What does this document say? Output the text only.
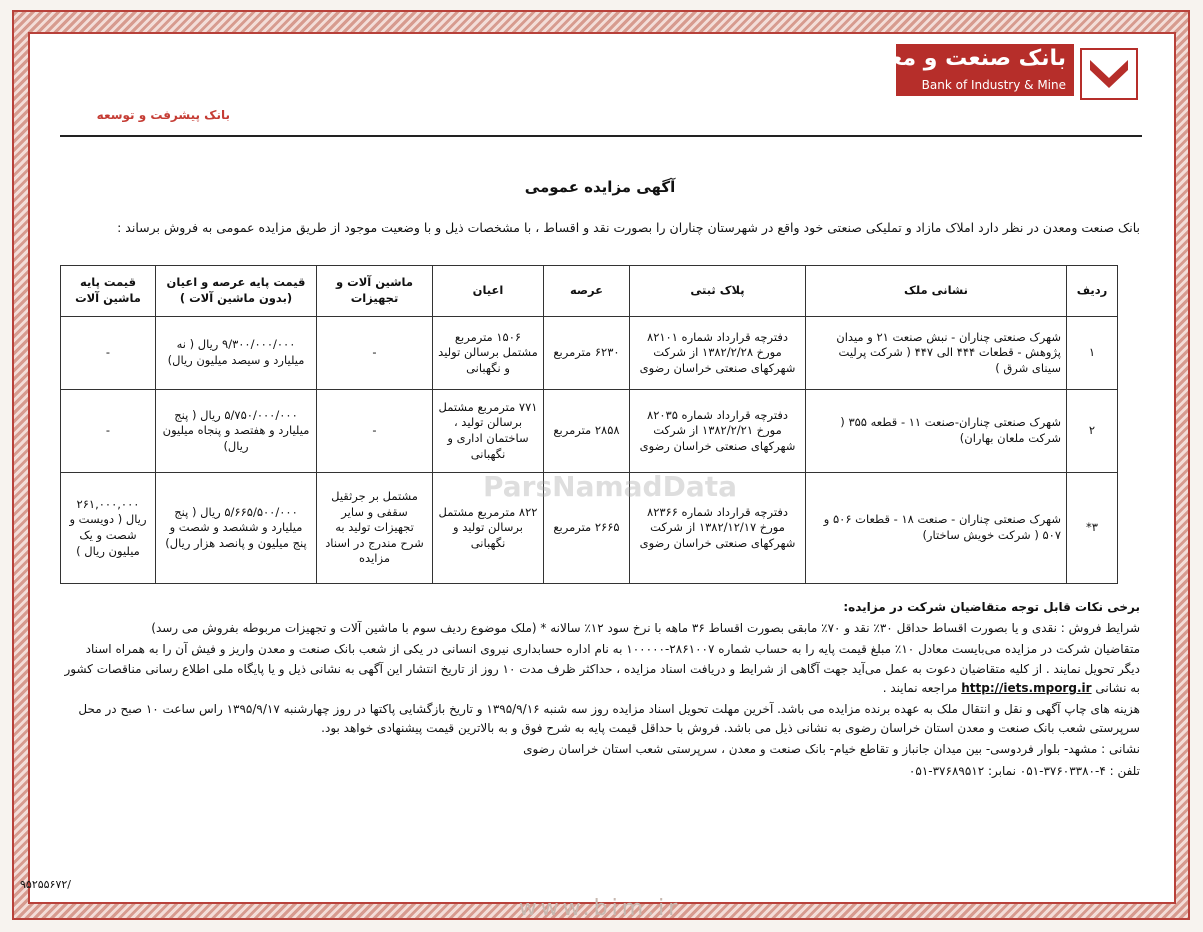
بانک صنعت و معدن
Bank of Industry & Mine
بانک پیشرفت و توسعه
آگهی مزایده عمومی
بانک صنعت ومعدن در نظر دارد املاک مازاد و تملیکی صنعتی خود واقع در شهرستان چناران را بصورت نقد و اقساط ، با مشخصات ذیل و با وضعیت موجود از طریق مزایده عمومی به فروش برساند :
ردیف	نشانی ملک	پلاک ثبتی	عرصه	اعیان	ماشین آلات و تجهیزات	قیمت پایه عرصه و اعیان (بدون ماشین آلات )	قیمت پایه ماشین آلات
۱	شهرک صنعتی چناران - نبش صنعت ۲۱ و میدان پژوهش - قطعات ۴۴۴ الی ۴۴۷ ( شرکت پرلیت سینای شرق )	دفترچه قرارداد شماره ۸۲۱۰۱ مورخ ۱۳۸۲/۲/۲۸ از شرکت شهرکهای صنعتی خراسان رضوی	۶۲۳۰ مترمربع	۱۵۰۶ مترمربع مشتمل برسالن تولید و نگهبانی	-	۹/۳۰۰/۰۰۰/۰۰۰ ریال ( نه میلیارد و سیصد میلیون ریال)	-
۲	شهرک صنعتی چناران-صنعت ۱۱ - قطعه ۳۵۵ ( شرکت ملعان بهاران)	دفترچه قرارداد شماره ۸۲۰۳۵ مورخ ۱۳۸۲/۲/۲۱ از شرکت شهرکهای صنعتی خراسان رضوی	۲۸۵۸ مترمربع	۷۷۱ مترمربع مشتمل برسالن تولید ، ساختمان اداری و نگهبانی	-	۵/۷۵۰/۰۰۰/۰۰۰ ریال ( پنج میلیارد و هفتصد و پنجاه میلیون ریال)	-
۳*	شهرک صنعتی چناران - صنعت ۱۸ - قطعات ۵۰۶ و ۵۰۷ ( شرکت خویش ساختار)	دفترچه قرارداد شماره ۸۲۳۶۶ مورخ ۱۳۸۲/۱۲/۱۷ از شرکت شهرکهای صنعتی خراسان رضوی	۲۶۶۵ مترمربع	۸۲۲ مترمربع مشتمل برسالن تولید و نگهبانی	مشتمل بر جرثقیل سقفی و سایر تجهیزات تولید به شرح مندرج در اسناد مزایده	۵/۶۶۵/۵۰۰/۰۰۰ ریال ( پنج میلیارد و ششصد و شصت و پنج میلیون و پانصد هزار ریال)	۲۶۱,۰۰۰,۰۰۰ ریال ( دویست و شصت و یک میلیون ریال )
ParsNamadData

برخی نکات قابل توجه متقاضیان شرکت در مزایده:

شرایط فروش : نقدی و یا بصورت اقساط حداقل ۳۰٪ نقد و ۷۰٪ مابقی بصورت اقساط ۳۶ ماهه با نرخ سود ۱۲٪ سالانه * (ملک موضوع ردیف سوم با ماشین آلات و تجهیزات مربوطه بفروش می رسد)

متقاضیان شرکت در مزایده می‌بایست معادل ۱۰٪ مبلغ قیمت پایه را به حساب شماره ۲۸۶۱۰۰۷-۱۰۰۰۰۰ به نام اداره حسابداری نیروی انسانی در یکی از شعب بانک صنعت و معدن واریز و فیش آن را به همراه اسناد دیگر تحویل نمایند . از کلیه متقاضیان دعوت به عمل می‌آید جهت آگاهی از شرایط و دریافت اسناد مزایده ، حداکثر ظرف مدت ۱۰ روز از تاریخ انتشار این آگهی به نشانی ذیل و یا پایگاه ملی اطلاع رسانی مناقصات کشور به نشانی http://iets.mporg.ir مراجعه نمایند .

هزینه های چاپ آگهی و نقل و انتقال ملک به عهده برنده مزایده می باشد. آخرین مهلت تحویل اسناد مزایده روز سه شنبه ۱۳۹۵/۹/۱۶ و تاریخ بازگشایی پاکتها در روز چهارشنبه ۱۳۹۵/۹/۱۷ راس ساعت ۱۰ صبح در محل سرپرستی شعب بانک صنعت و معدن استان خراسان رضوی به نشانی ذیل می باشد. فروش با حداقل قیمت پایه به شرح فوق و به بالاترین قیمت پیشنهادی خواهد بود.

نشانی : مشهد- بلوار فردوسی- بین میدان جانباز و تقاطع خیام- بانک صنعت و معدن ، سرپرستی شعب استان خراسان رضوی

تلفن : ۴-۳۷۶۰۳۳۸۰-۰۵۱ نمابر: ۳۷۶۸۹۵۱۲-۰۵۱

۹۵۲۵۵۶۷۲/
www.bim.ir
